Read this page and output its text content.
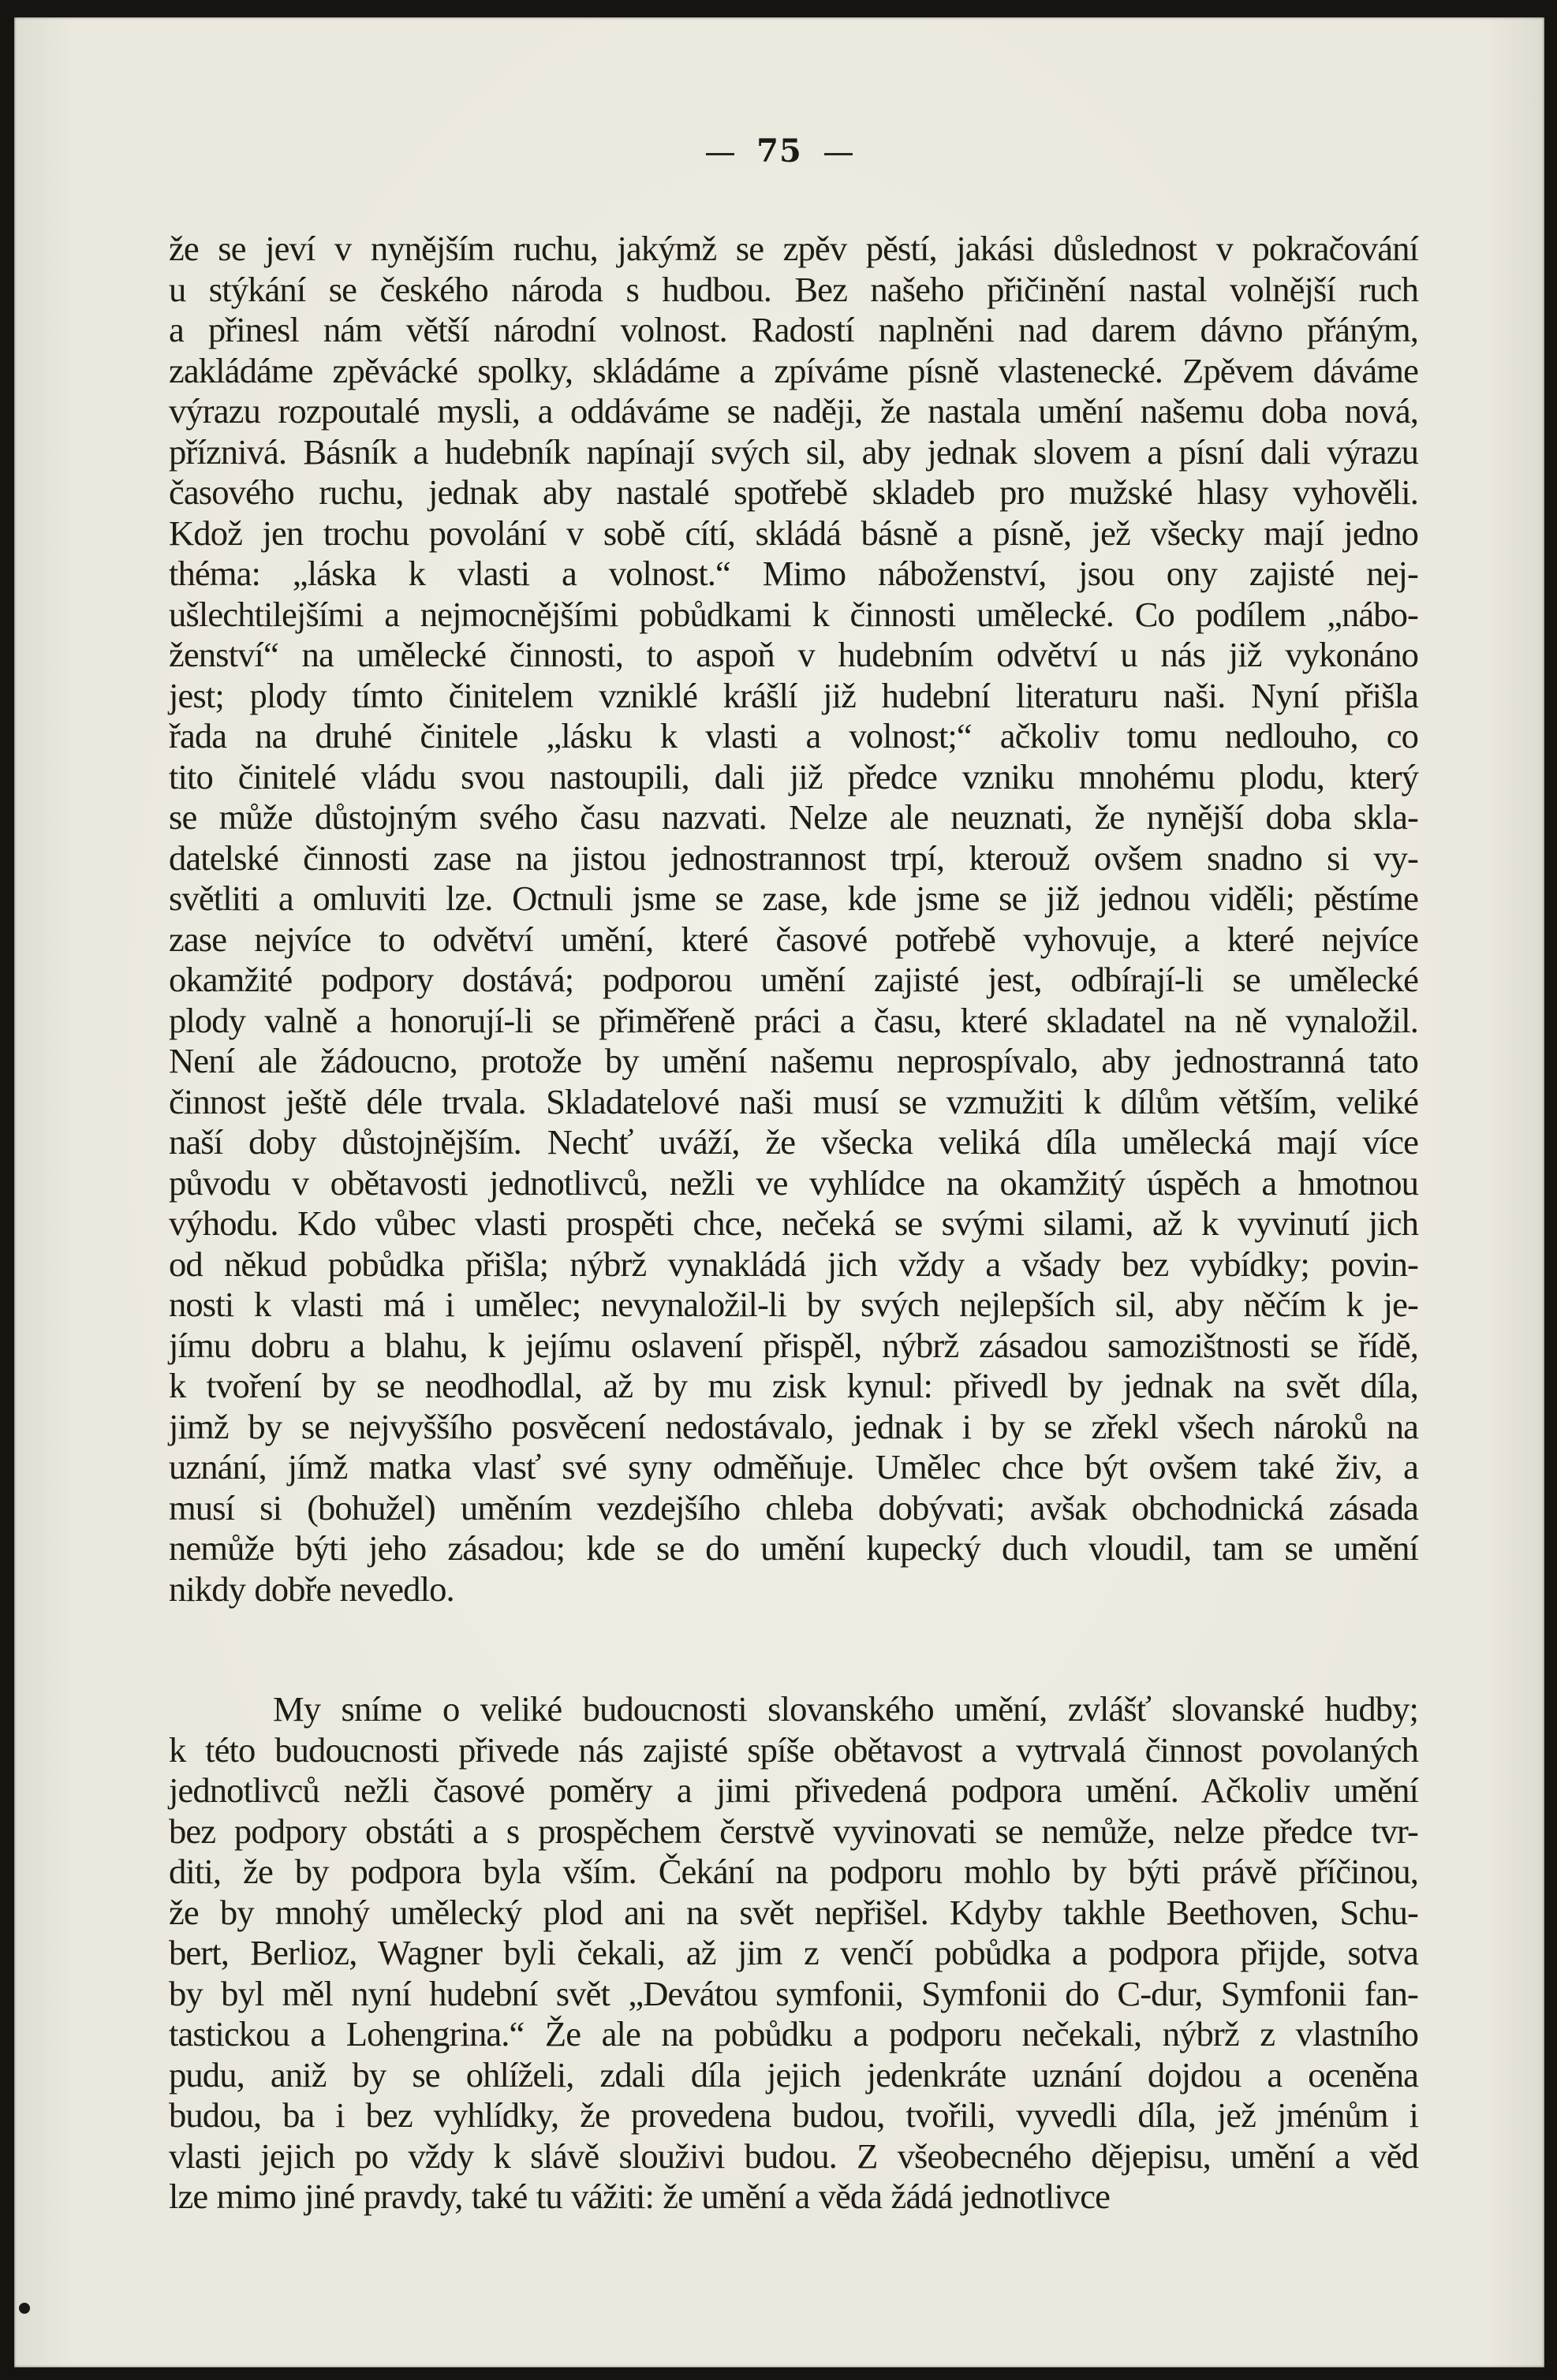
75
že se jeví v nynějším ruchu, jakýmž se zpěv pěstí, jakási důslednost v pokračování
u stýkání se českého národa s hudbou. Bez našeho přičinění nastal volnější ruch
a přinesl nám větší národní volnost. Radostí naplněni nad darem dávno přáným,
zakládáme zpěvácké spolky, skládáme a zpíváme písně vlastenecké. Zpěvem dáváme
výrazu rozpoutalé mysli, a oddáváme se naději, že nastala umění našemu doba nová,
příznivá. Básník a hudebník napínají svých sil, aby jednak slovem a písní dali výrazu
časového ruchu, jednak aby nastalé spotřebě skladeb pro mužské hlasy vyhověli.
Kdož jen trochu povolání v sobě cítí, skládá básně a písně, jež všecky mají jedno
théma: „láska k vlasti a volnost.“ Mimo náboženství, jsou ony zajisté nej-
ušlechtilejšími a nejmocnějšími pobůdkami k činnosti umělecké. Co podílem „nábo-
ženství“ na umělecké činnosti, to aspoň v hudebním odvětví u nás již vykonáno
jest; plody tímto činitelem vzniklé krášlí již hudební literaturu naši. Nyní přišla
řada na druhé činitele „lásku k vlasti a volnost;“ ačkoliv tomu nedlouho, co
tito činitelé vládu svou nastoupili, dali již předce vzniku mnohému plodu, který
se může důstojným svého času nazvati. Nelze ale neuznati, že nynější doba skla-
datelské činnosti zase na jistou jednostrannost trpí, kterouž ovšem snadno si vy-
světliti a omluviti lze. Octnuli jsme se zase, kde jsme se již jednou viděli; pěstíme
zase nejvíce to odvětví umění, které časové potřebě vyhovuje, a které nejvíce
okamžité podpory dostává; podporou umění zajisté jest, odbírají-li se umělecké
plody valně a honorují-li se přiměřeně práci a času, které skladatel na ně vynaložil.
Není ale žádoucno, protože by umění našemu neprospívalo, aby jednostranná tato
činnost ještě déle trvala. Skladatelové naši musí se vzmužiti k dílům větším, veliké
naší doby důstojnějším. Nechť uváží, že všecka veliká díla umělecká mají více
původu v obětavosti jednotlivců, nežli ve vyhlídce na okamžitý úspěch a hmotnou
výhodu. Kdo vůbec vlasti prospěti chce, nečeká se svými silami, až k vyvinutí jich
od někud pobůdka přišla; nýbrž vynakládá jich vždy a všady bez vybídky; povin-
nosti k vlasti má i umělec; nevynaložil-li by svých nejlepších sil, aby něčím k je-
jímu dobru a blahu, k jejímu oslavení přispěl, nýbrž zásadou samozištnosti se řídě,
k tvoření by se neodhodlal, až by mu zisk kynul: přivedl by jednak na svět díla,
jimž by se nejvyššího posvěcení nedostávalo, jednak i by se zřekl všech nároků na
uznání, jímž matka vlasť své syny odměňuje. Umělec chce být ovšem také živ, a
musí si (bohužel) uměním vezdejšího chleba dobývati; avšak obchodnická zásada
nemůže býti jeho zásadou; kde se do umění kupecký duch vloudil, tam se umění
nikdy dobře nevedlo.
My sníme o veliké budoucnosti slovanského umění, zvlášť slovanské hudby;
k této budoucnosti přivede nás zajisté spíše obětavost a vytrvalá činnost povolaných
jednotlivců nežli časové poměry a jimi přivedená podpora umění. Ačkoliv umění
bez podpory obstáti a s prospěchem čerstvě vyvinovati se nemůže, nelze předce tvr-
diti, že by podpora byla vším. Čekání na podporu mohlo by býti právě příčinou,
že by mnohý umělecký plod ani na svět nepřišel. Kdyby takhle Beethoven, Schu-
bert, Berlioz, Wagner byli čekali, až jim z venčí pobůdka a podpora přijde, sotva
by byl měl nyní hudební svět „Devátou symfonii, Symfonii do C-dur, Symfonii fan-
tastickou a Lohengrina.“ Že ale na pobůdku a podporu nečekali, nýbrž z vlastního
pudu, aniž by se ohlíželi, zdali díla jejich jedenkráte uznání dojdou a oceněna
budou, ba i bez vyhlídky, že provedena budou, tvořili, vyvedli díla, jež jménům i
vlasti jejich po vždy k slávě slouživi budou. Z všeobecného dějepisu, umění a věd
lze mimo jiné pravdy, také tu vážiti: že umění a věda žádá jednotlivce
